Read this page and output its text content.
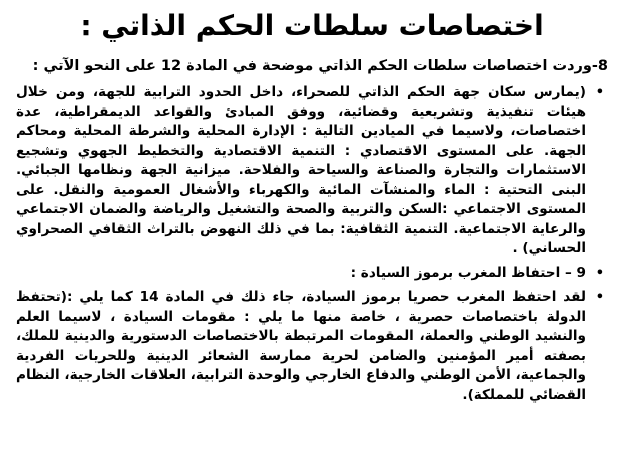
اختصاصات سلطات الحكم الذاتي :
8-وردت اختصاصات سلطات الحكم الذاتي موضحة في المادة 12 على النحو الآتي :
•
(يمارس سكان جهة الحكم الذاتي للصحراء، داخل الحدود الترابية للجهة، ومن خلال هيئات تنفيذية وتشريعية وقضائية، ووفق المبادئ والقواعد الديمقراطية، عدة اختصاصات، ولاسيما في الميادين التالية : الإدارة المحلية والشرطة المحلية ومحاكم الجهة. على المستوى الاقتصادي : التنمية الاقتصادية والتخطيط الجهوي وتشجيع الاستثمارات والتجارة والصناعة والسياحة والفلاحة. ميزانية الجهة ونظامها الجبائي. البنى التحتية : الماء والمنشآت المائية والكهرباء والأشغال العمومية والنقل. على المستوى الاجتماعي :السكن والتربية والصحة والتشغيل والرياضة والضمان الاجتماعي والرعاية الاجتماعية. التنمية الثقافية: بما في ذلك النهوض بالتراث الثقافي الصحراوي الحساني) .
•
9 – احتفاظ المغرب برموز السيادة :
•
لقد احتفظ المغرب حصريا برموز السيادة، جاء ذلك في المادة 14 كما يلي :(تحتفظ الدولة باختصاصات حصرية ، خاصة منها ما يلي : مقومات السيادة ، لاسيما العلم والنشيد الوطني والعملة، المقومات المرتبطة بالاختصاصات الدستورية والدينية للملك، بصفته أمير المؤمنين والضامن لحرية ممارسة الشعائر الدينية وللحريات الفردية والجماعية، الأمن الوطني والدفاع الخارجي والوحدة الترابية، العلاقات الخارجية، النظام القضائي للمملكة).
